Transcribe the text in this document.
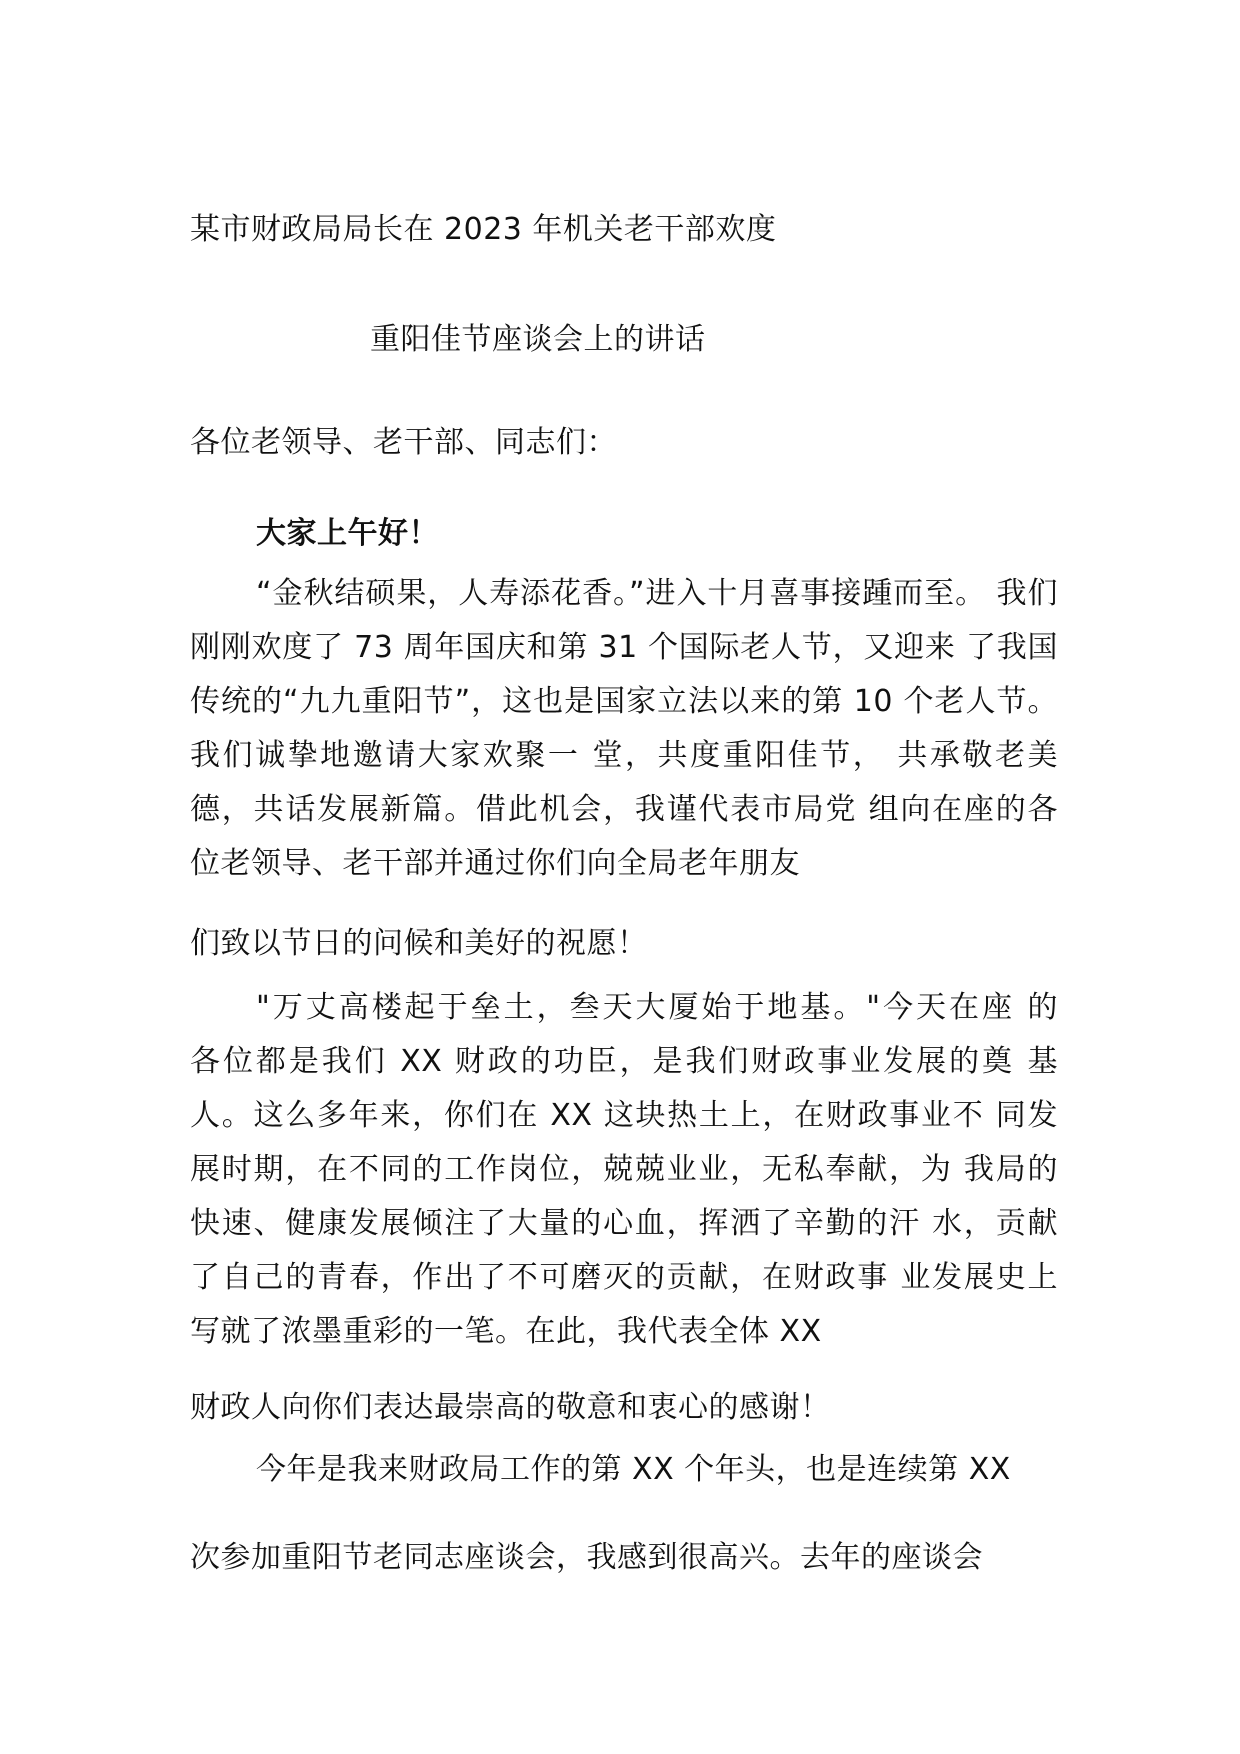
某市财政局局长在 2023 年机关老干部欢度
重阳佳节座谈会上的讲话
各位老领导、老干部、同志们：
大家上午好！
“金秋结硕果，人寿添花香。”进入十月喜事接踵而至。 我们
刚刚欢度了 73 周年国庆和第 31 个国际老人节，又迎来 了我国
传统的“九九重阳节”，这也是国家立法以来的第 10 个老人节。
我们诚挚地邀请大家欢聚一 堂，共度重阳佳节， 共承敬老美
德，共话发展新篇。借此机会，我谨代表市局党 组向在座的各
位老领导、老干部并通过你们向全局老年朋友
们致以节日的问候和美好的祝愿！
"万丈高楼起于垒土，叁天大厦始于地基。"今天在座 的
各位都是我们 XX 财政的功臣，是我们财政事业发展的奠 基
人。这么多年来，你们在 XX 这块热土上，在财政事业不 同发
展时期，在不同的工作岗位，兢兢业业，无私奉献，为 我局的
快速、健康发展倾注了大量的心血，挥洒了辛勤的汗 水，贡献
了自己的青春，作出了不可磨灭的贡献，在财政事 业发展史上
写就了浓墨重彩的一笔。在此，我代表全体 XX
财政人向你们表达最崇高的敬意和衷心的感谢！
今年是我来财政局工作的第 XX 个年头，也是连续第 XX
次参加重阳节老同志座谈会，我感到很高兴。去年的座谈会
